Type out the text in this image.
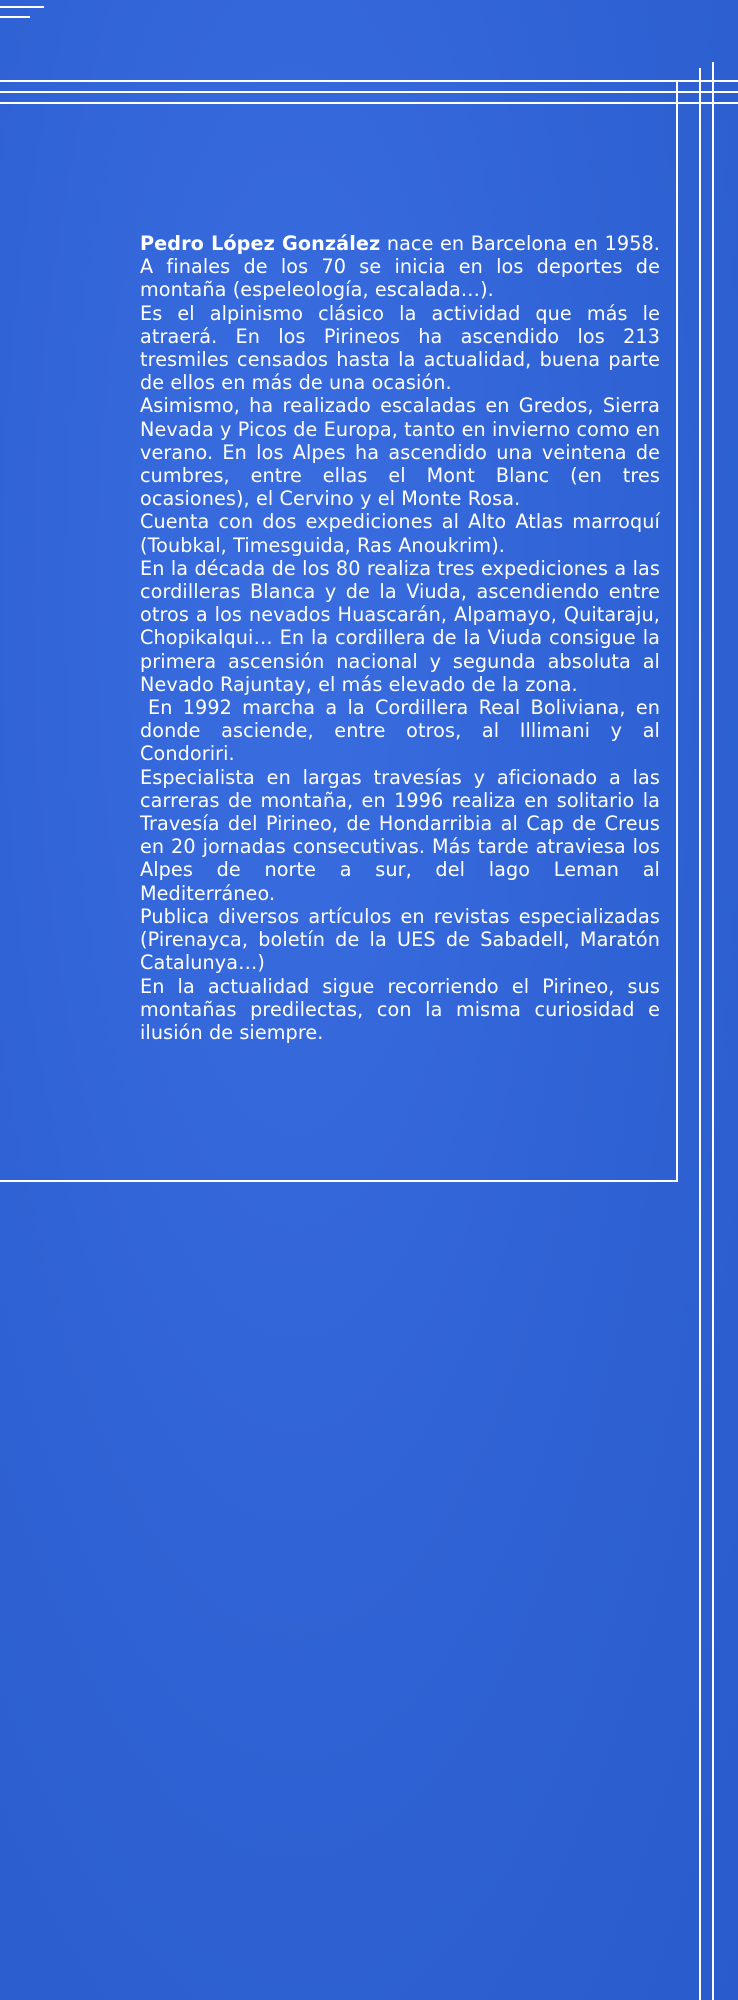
Pedro López González nace en Barcelona en 1958. A finales de los 70 se inicia en los deportes de montaña (espeleología, escalada…).

Es el alpinismo clásico la actividad que más le atraerá. En los Pirineos ha ascendido los 213 tresmiles censados hasta la actualidad, buena parte de ellos en más de una ocasión.

Asimismo, ha realizado escaladas en Gredos, Sierra Nevada y Picos de Europa, tanto en invierno como en verano. En los Alpes ha ascendido una veintena de cumbres, entre ellas el Mont Blanc (en tres ocasiones), el Cervino y el Monte Rosa.

Cuenta con dos expediciones al Alto Atlas marroquí (Toubkal, Timesguida, Ras Anoukrim).

En la década de los 80 realiza tres expediciones a las cordilleras Blanca y de la Viuda, ascendiendo entre otros a los nevados Huascarán, Alpamayo, Quitaraju, Chopikalqui… En la cordillera de la Viuda consigue la primera ascensión nacional y segunda absoluta al Nevado Rajuntay, el más elevado de la zona.

En 1992 marcha a la Cordillera Real Boliviana, en donde asciende, entre otros, al Illimani y al Condoriri.

Especialista en largas travesías y aficionado a las carreras de montaña, en 1996 realiza en solitario la Travesía del Pirineo, de Hondarribia al Cap de Creus en 20 jornadas consecutivas. Más tarde atraviesa los Alpes de norte a sur, del lago Leman al Mediterráneo.

Publica diversos artículos en revistas especializadas (Pirenayca, boletín de la UES de Sabadell, Maratón Catalunya…)

En la actualidad sigue recorriendo el Pirineo, sus montañas predilectas, con la misma curiosidad e ilusión de siempre.
